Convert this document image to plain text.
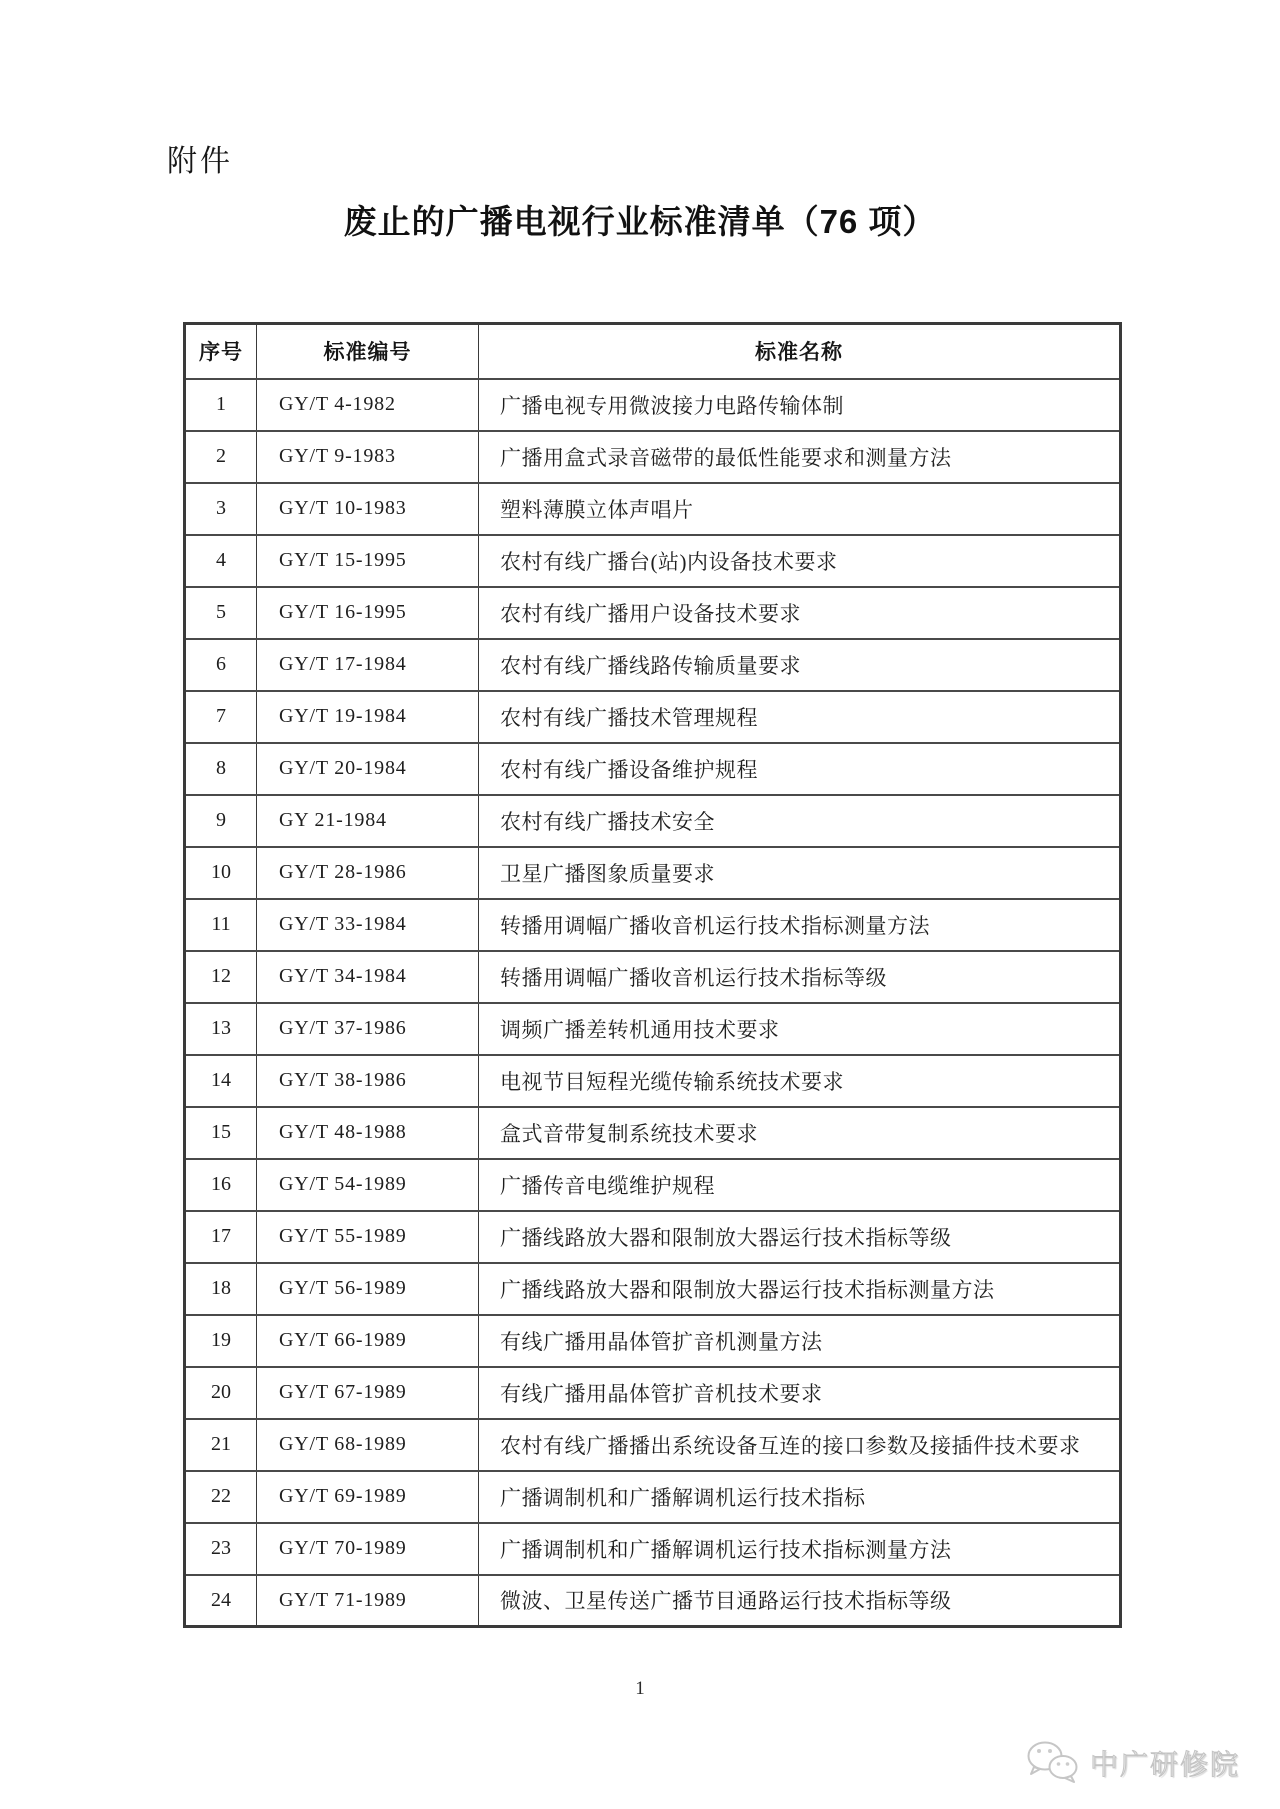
附件
废止的广播电视行业标准清单（76 项）
序号	标准编号	标准名称
1	GY/T 4-1982	广播电视专用微波接力电路传输体制
2	GY/T 9-1983	广播用盒式录音磁带的最低性能要求和测量方法
3	GY/T 10-1983	塑料薄膜立体声唱片
4	GY/T 15-1995	农村有线广播台(站)内设备技术要求
5	GY/T 16-1995	农村有线广播用户设备技术要求
6	GY/T 17-1984	农村有线广播线路传输质量要求
7	GY/T 19-1984	农村有线广播技术管理规程
8	GY/T 20-1984	农村有线广播设备维护规程
9	GY 21-1984	农村有线广播技术安全
10	GY/T 28-1986	卫星广播图象质量要求
11	GY/T 33-1984	转播用调幅广播收音机运行技术指标测量方法
12	GY/T 34-1984	转播用调幅广播收音机运行技术指标等级
13	GY/T 37-1986	调频广播差转机通用技术要求
14	GY/T 38-1986	电视节目短程光缆传输系统技术要求
15	GY/T 48-1988	盒式音带复制系统技术要求
16	GY/T 54-1989	广播传音电缆维护规程
17	GY/T 55-1989	广播线路放大器和限制放大器运行技术指标等级
18	GY/T 56-1989	广播线路放大器和限制放大器运行技术指标测量方法
19	GY/T 66-1989	有线广播用晶体管扩音机测量方法
20	GY/T 67-1989	有线广播用晶体管扩音机技术要求
21	GY/T 68-1989	农村有线广播播出系统设备互连的接口参数及接插件技术要求
22	GY/T 69-1989	广播调制机和广播解调机运行技术指标
23	GY/T 70-1989	广播调制机和广播解调机运行技术指标测量方法
24	GY/T 71-1989	微波、卫星传送广播节目通路运行技术指标等级
1
中广研修院
